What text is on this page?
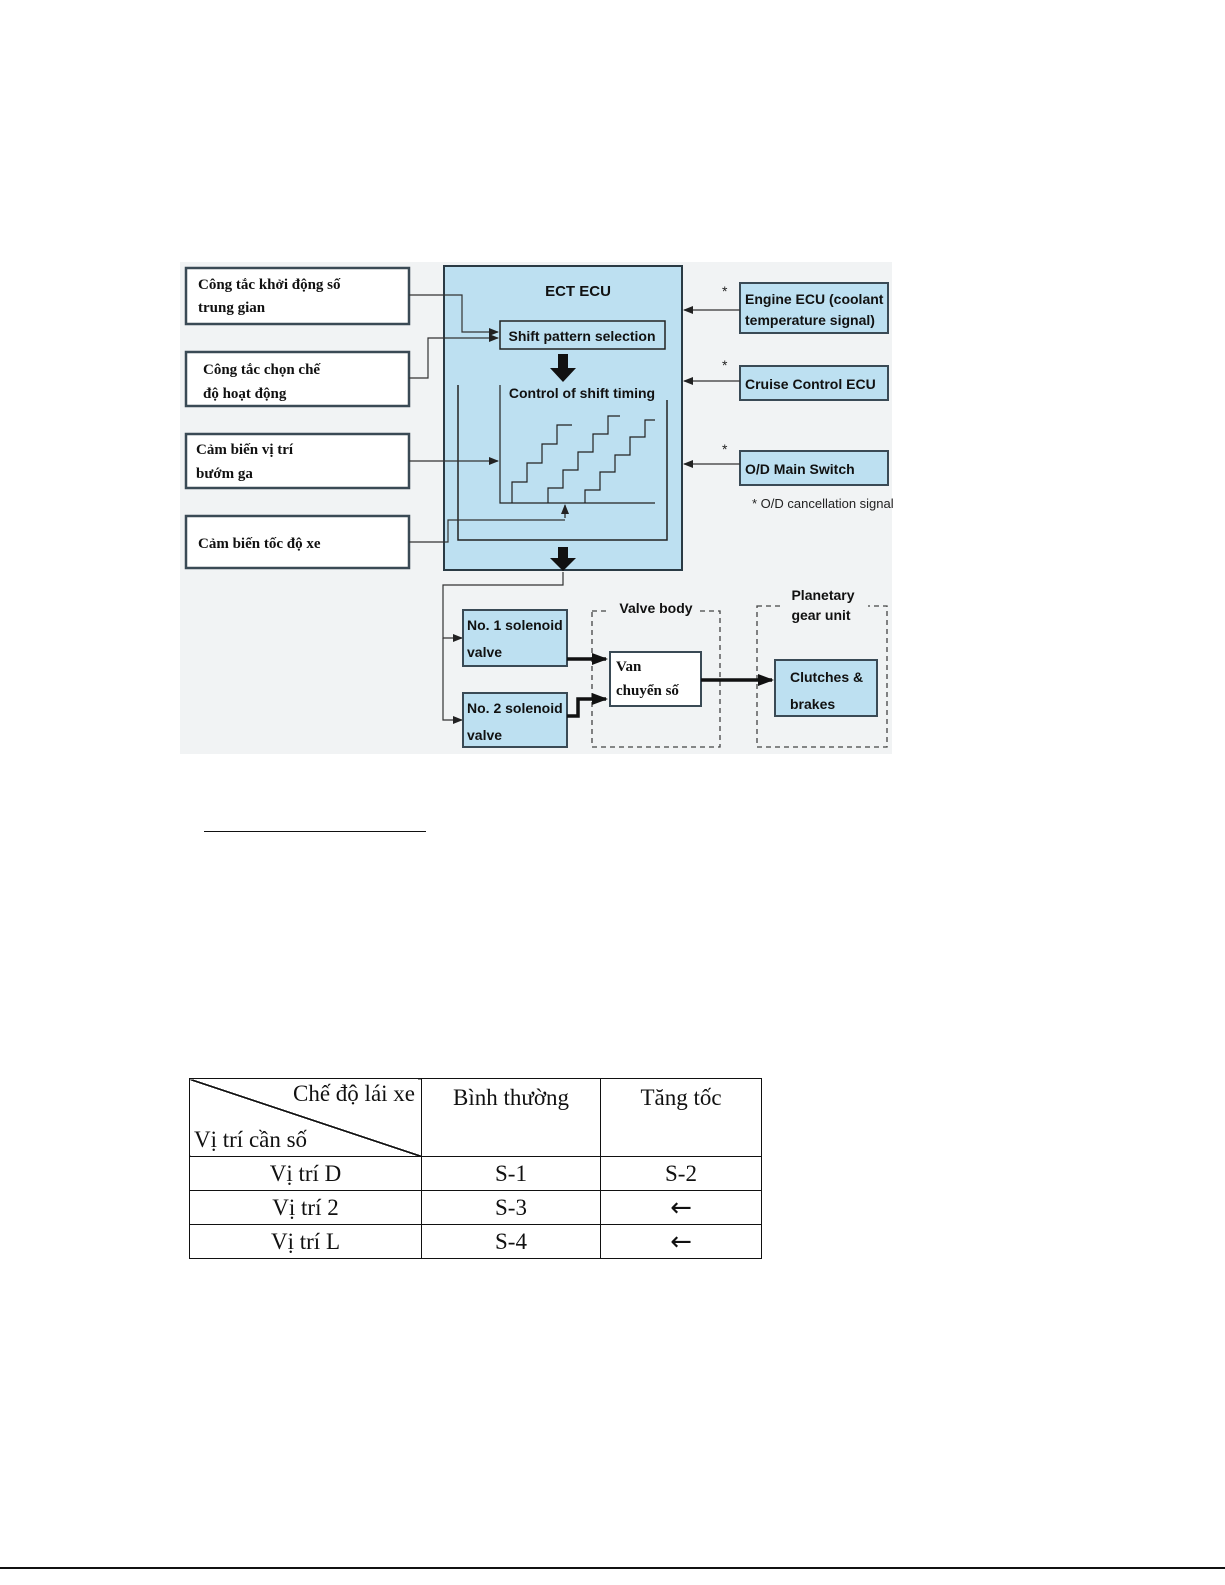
ECT ECU
Shift pattern selection
Control of shift timing
Công tắc khởi động số
trung gian
Công tắc chọn chế
độ hoạt động
Cảm biến vị trí
bướm ga
Cảm biến tốc độ xe
Engine ECU (coolant
temperature signal)
Cruise Control ECU
O/D Main Switch
*
*
*
* O/D cancellation signal
No. 1 solenoid
valve
No. 2 solenoid
valve
Valve body
Van
chuyển số
Planetary
gear unit
Clutches &
brakes
Chế độ lái xe
Vị trí cần số	Bình thường	Tăng tốc
Vị trí D	S-1	S-2
Vị trí 2	S-3	←
Vị trí L	S-4	←
